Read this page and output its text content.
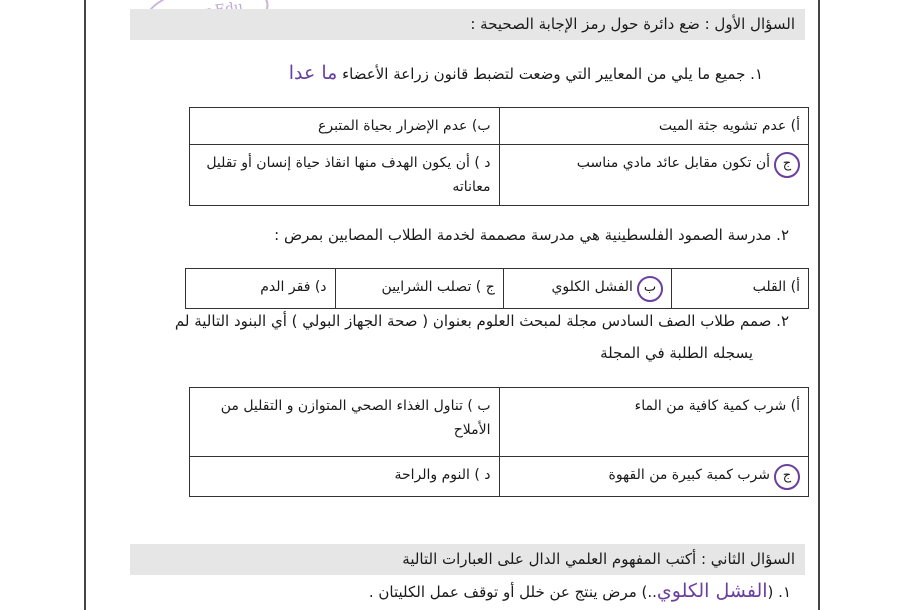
السؤال الأول : ضع دائرة حول رمز الإجابة الصحيحة :
١. جميع ما يلي من المعايير التي وضعت لتضبط قانون زراعة الأعضاء ما عدا
أ) عدم تشويه جثة الميت	ب) عدم الإضرار بحياة المتبرع
جأن تكون مقابل عائد مادي مناسب	د ) أن يكون الهدف منها انقاذ حياة إنسان أو تقليل معاناته
٢. مدرسة الصمود الفلسطينية هي مدرسة مصممة لخدمة الطلاب المصابين بمرض :
أ) القلب	بالفشل الكلوي	ج ) تصلب الشرايين	د) فقر الدم
٢. صمم طلاب الصف السادس مجلة لمبحث العلوم بعنوان ( صحة الجهاز البولي ) أي البنود التالية لم
يسجله الطلبة في المجلة
أ) شرب كمية كافية من الماء	ب ) تناول الغذاء الصحي المتوازن و التقليل من الأملاح
جشرب كمبة كبيرة من القهوة	د ) النوم والراحة
السؤال الثاني : أكتب المفهوم العلمي الدال على العبارات التالية
١. (الفشل الكلوي..) مرض ينتج عن خلل أو توقف عمل الكليتان .
